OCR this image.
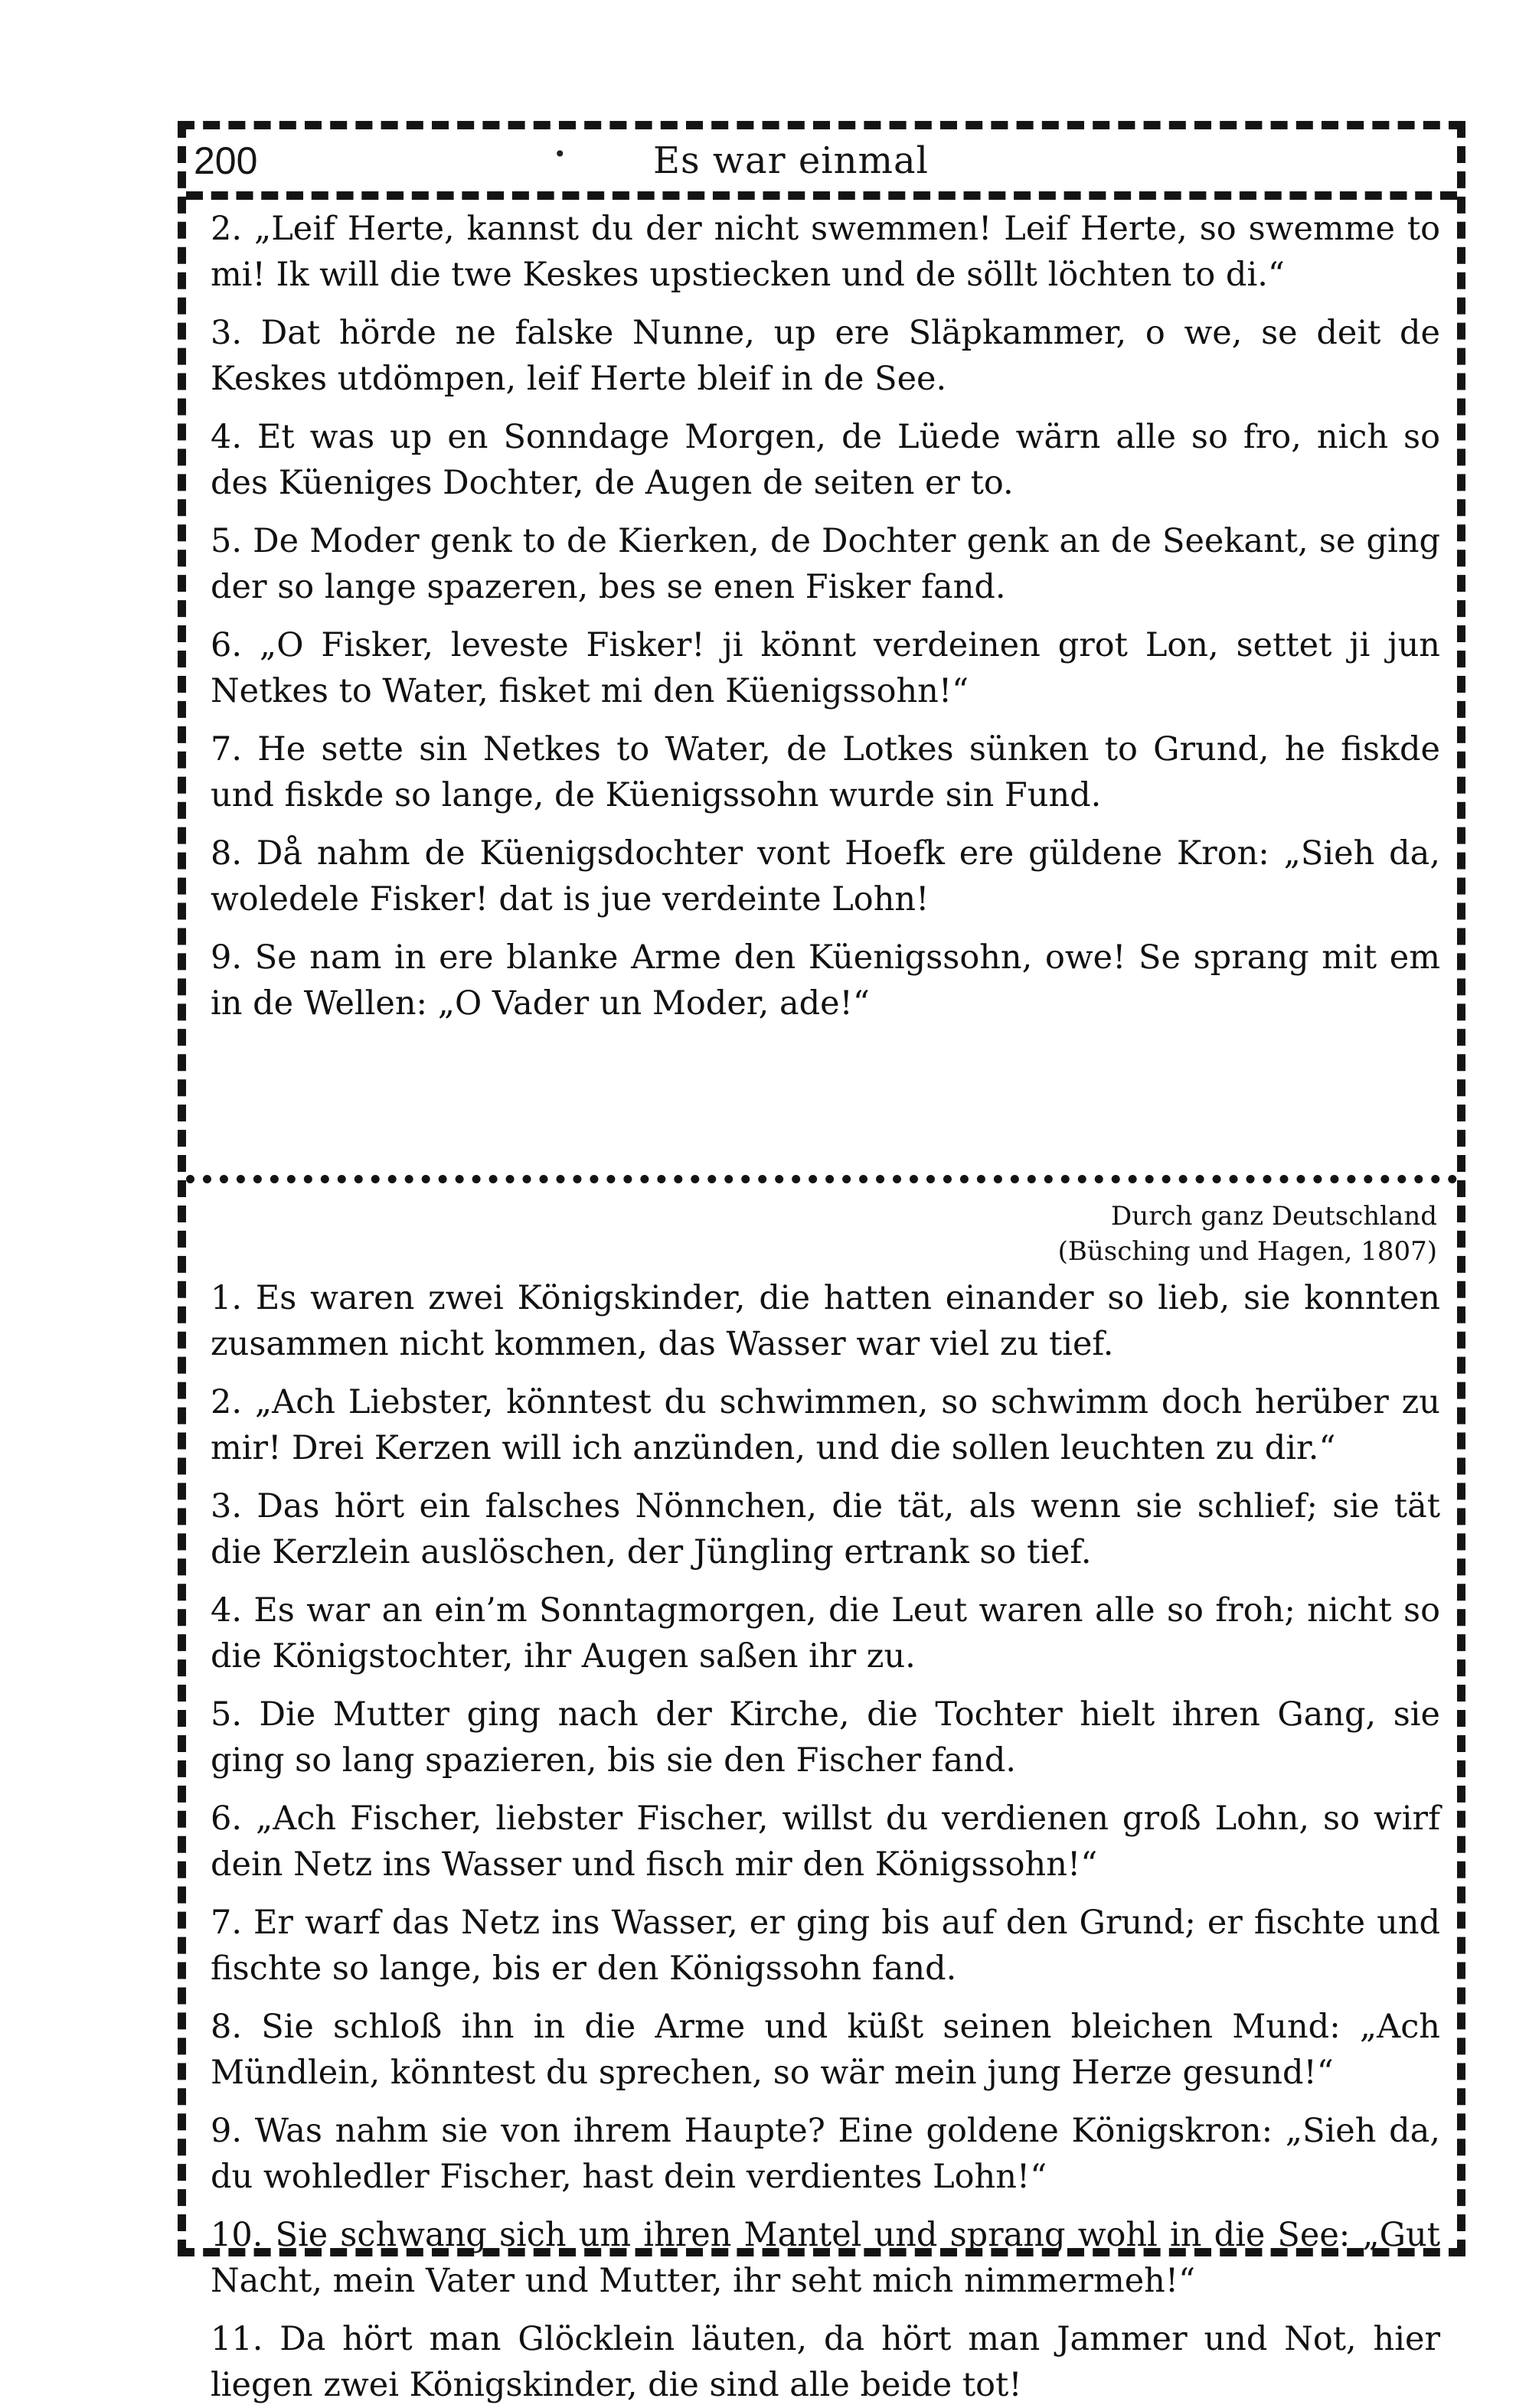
200	• Es war einmal

2. „Leif Herte, kannst du der nicht swemmen! Leif Herte, so swemme to mi! Ik will die twe Keskes upstiecken und de söllt löchten to di.“

3. Dat hörde ne falske Nunne, up ere Släpkammer, o we, se deit de Keskes utdömpen, leif Herte bleif in de See.

4. Et was up en Sonndage Morgen, de Lüede wärn alle so fro, nich so des Küeniges Dochter, de Augen de seiten er to.

5. De Moder genk to de Kierken, de Dochter genk an de Seekant, se ging der so lange spazeren, bes se enen Fisker fand.

6. „O Fisker, leveste Fisker! ji könnt verdeinen grot Lon, settet ji jun Netkes to Water, fisket mi den Küenigssohn!“

7. He sette sin Netkes to Water, de Lotkes sünken to Grund, he fiskde und fiskde so lange, de Küenigssohn wurde sin Fund.

8. Då nahm de Küenigsdochter vont Hoefk ere güldene Kron: „Sieh da, woledele Fisker! dat is jue verdeinte Lohn!

9. Se nam in ere blanke Arme den Küenigssohn, owe! Se sprang mit em in de Wellen: „O Vader un Moder, ade!“

Durch ganz Deutschland
(Büsching und Hagen, 1807)

1. Es waren zwei Königskinder, die hatten einander so lieb, sie konnten zusammen nicht kommen, das Wasser war viel zu tief.

2. „Ach Liebster, könntest du schwimmen, so schwimm doch herüber zu mir! Drei Kerzen will ich anzünden, und die sollen leuchten zu dir.“

3. Das hört ein falsches Nönnchen, die tät, als wenn sie schlief; sie tät die Kerzlein auslöschen, der Jüngling ertrank so tief.

4. Es war an ein’m Sonntagmorgen, die Leut waren alle so froh; nicht so die Königstochter, ihr Augen saßen ihr zu.

5. Die Mutter ging nach der Kirche, die Tochter hielt ihren Gang, sie ging so lang spazieren, bis sie den Fischer fand.

6. „Ach Fischer, liebster Fischer, willst du verdienen groß Lohn, so wirf dein Netz ins Wasser und fisch mir den Königssohn!“

7. Er warf das Netz ins Wasser, er ging bis auf den Grund; er fischte und fischte so lange, bis er den Königssohn fand.

8. Sie schloß ihn in die Arme und küßt seinen bleichen Mund: „Ach Mündlein, könntest du sprechen, so wär mein jung Herze gesund!“

9. Was nahm sie von ihrem Haupte? Eine goldene Königskron: „Sieh da, du wohledler Fischer, hast dein verdientes Lohn!“

10. Sie schwang sich um ihren Mantel und sprang wohl in die See: „Gut Nacht, mein Vater und Mutter, ihr seht mich nimmermeh!“

11. Da hört man Glöcklein läuten, da hört man Jammer und Not, hier liegen zwei Königskinder, die sind alle beide tot!
